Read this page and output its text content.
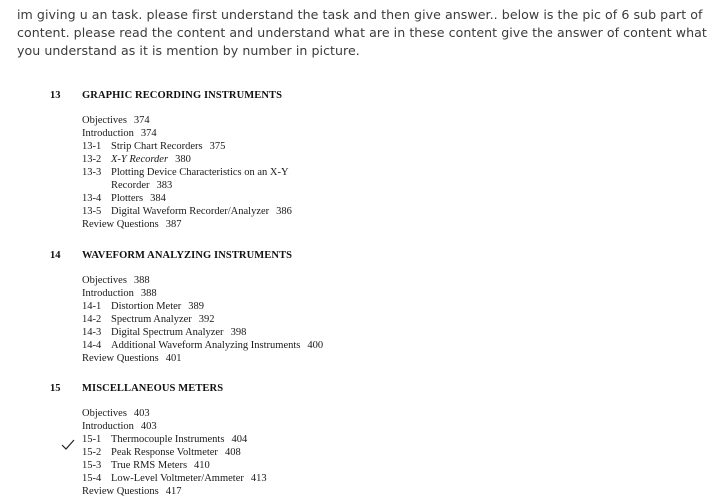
im giving u an task. please first understand the task and then give answer.. below is the pic of 6 sub part of content. please read the content and understand what are in these content give the answer of content what you understand as it is mention by number in picture.
13 GRAPHIC RECORDING INSTRUMENTS
Objectives 374
Introduction 374
13-1 Strip Chart Recorders 375
13-2 X-Y Recorder 380
13-3 Plotting Device Characteristics on an X-Y
Recorder 383
13-4 Plotters 384
13-5 Digital Waveform Recorder/Analyzer 386
Review Questions 387
14 WAVEFORM ANALYZING INSTRUMENTS
Objectives 388
Introduction 388
14-1 Distortion Meter 389
14-2 Spectrum Analyzer 392
14-3 Digital Spectrum Analyzer 398
14-4 Additional Waveform Analyzing Instruments 400
Review Questions 401
15 MISCELLANEOUS METERS
Objectives 403
Introduction 403
15-1 Thermocouple Instruments 404
15-2 Peak Response Voltmeter 408
15-3 True RMS Meters 410
15-4 Low-Level Voltmeter/Ammeter 413
Review Questions 417
